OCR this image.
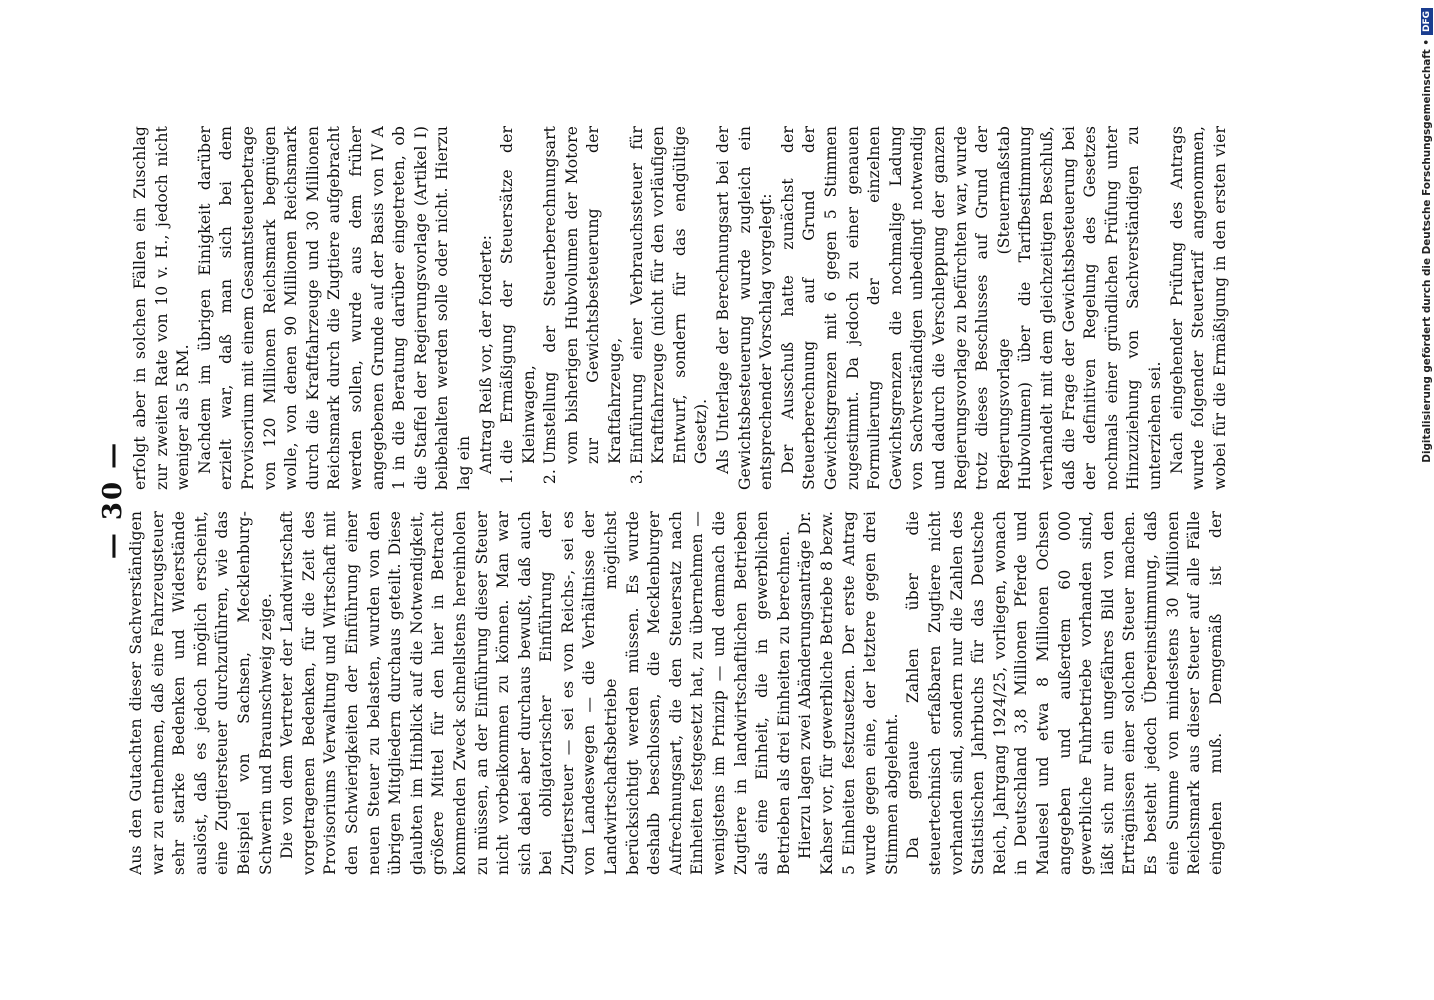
— 30 —

Aus den Gutachten dieser Sachverständigen war zu entnehmen, daß eine Fahrzeugsteuer sehr starke Bedenken und Widerstände auslöst, daß es jedoch möglich erscheint, eine Zugtiersteuer durchzuführen, wie das Beispiel von Sachsen, Mecklenburg-Schwerin und Braunschweig zeige. Die von dem Vertreter der Landwirtschaft vorgetragenen Bedenken, für die Zeit des Provisoriums Verwaltung und Wirtschaft mit den Schwierigkeiten der Einführung einer neuen Steuer zu belasten, wurden von den übrigen Mitgliedern durchaus geteilt. Diese glaubten im Hinblick auf die Notwendigkeit, größere Mittel für den hier in Betracht kommenden Zweck schnellstens hereinholen zu müssen, an der Einführung dieser Steuer nicht vorbeikommen zu können. Man war sich dabei aber durchaus bewußt, daß auch bei obligatorischer Einführung der Zugtiersteuer — sei es von Reichs-, sei es von Landeswegen — die Verhältnisse der Landwirtschaftsbetriebe möglichst berücksichtigt werden müssen. Es wurde deshalb beschlossen, die Mecklenburger Aufrechnungsart, die den Steuersatz nach Einheiten festgesetzt hat, zu übernehmen — wenigstens im Prinzip — und demnach die Zugtiere in landwirtschaftlichen Betrieben als eine Einheit, die in gewerblichen Betrieben als drei Einheiten zu berechnen. Hierzu lagen zwei Abänderungsanträge Dr. Kahser vor, für gewerbliche Betriebe 8 bezw. 5 Einheiten festzusetzen. Der erste Antrag wurde gegen eine, der letztere gegen drei Stimmen abgelehnt. Da genaue Zahlen über die steuertechnisch erfaßbaren Zugtiere nicht vorhanden sind, sondern nur die Zahlen des Statistischen Jahrbuchs für das Deutsche Reich, Jahrgang 1924/25, vorliegen, wonach in Deutschland 3,8 Millionen Pferde und Maulesel und etwa 8 Millionen Ochsen angegeben und außerdem 60 000 gewerbliche Fuhrbetriebe vorhanden sind, läßt sich nur ein ungefähres Bild von den Erträgnissen einer solchen Steuer machen. Es besteht jedoch Übereinstimmung, daß eine Summe von mindestens 30 Millionen Reichsmark aus dieser Steuer auf alle Fälle eingehen muß. Demgemäß ist der

erfolgt aber in solchen Fällen ein Zuschlag zur zweiten Rate von 10 v. H., jedoch nicht weniger als 5 RM. Nachdem im übrigen Einigkeit darüber erzielt war, daß man sich bei dem Provisorium mit einem Gesamtsteuerbetrage von 120 Millionen Reichsmark begnügen wolle, von denen 90 Millionen Reichsmark durch die Kraftfahrzeuge und 30 Millionen Reichsmark durch die Zugtiere aufgebracht werden sollen, wurde aus dem früher angegebenen Grunde auf der Basis von IV A 1 in die Beratung darüber eingetreten, ob die Staffel der Regierungsvorlage (Artikel I) beibehalten werden solle oder nicht. Hierzu lag ein Antrag Reiß vor, der forderte: 1. die Ermäßigung der Steuersätze der Kleinwagen, 2. Umstellung der Steuerberechnungsart vom bisherigen Hubvolumen der Motore zur Gewichtsbesteuerung der Kraftfahrzeuge, 3. Einführung einer Verbrauchssteuer für Kraftfahrzeuge (nicht für den vorläufigen Entwurf, sondern für das endgültige Gesetz). Als Unterlage der Berechnungsart bei der Gewichtsbesteuerung wurde zugleich ein entsprechender Vorschlag vorgelegt: Der Ausschuß hatte zunächst der Steuerberechnung auf Grund der Gewichtsgrenzen mit 6 gegen 5 Stimmen zugestimmt. Da jedoch zu einer genauen Formulierung der einzelnen Gewichtsgrenzen die nochmalige Ladung von Sachverständigen unbedingt notwendig und dadurch die Verschleppung der ganzen Regierungsvorlage zu befürchten war, wurde trotz dieses Beschlusses auf Grund der Regierungsvorlage (Steuermaßstab Hubvolumen) über die Tarifbestimmung verhandelt mit dem gleichzeitigen Beschluß, daß die Frage der Gewichtsbesteuerung bei der definitiven Regelung des Gesetzes nochmals einer gründlichen Prüfung unter Hinzuziehung von Sachverständigen zu unterziehen sei. Nach eingehender Prüfung des Antrags wurde folgender Steuertarif angenommen, wobei für die Ermäßigung in den ersten vier

				Digitalisierung gefördert durch die Deutsche Forschungsgemeinschaft •
DFG
